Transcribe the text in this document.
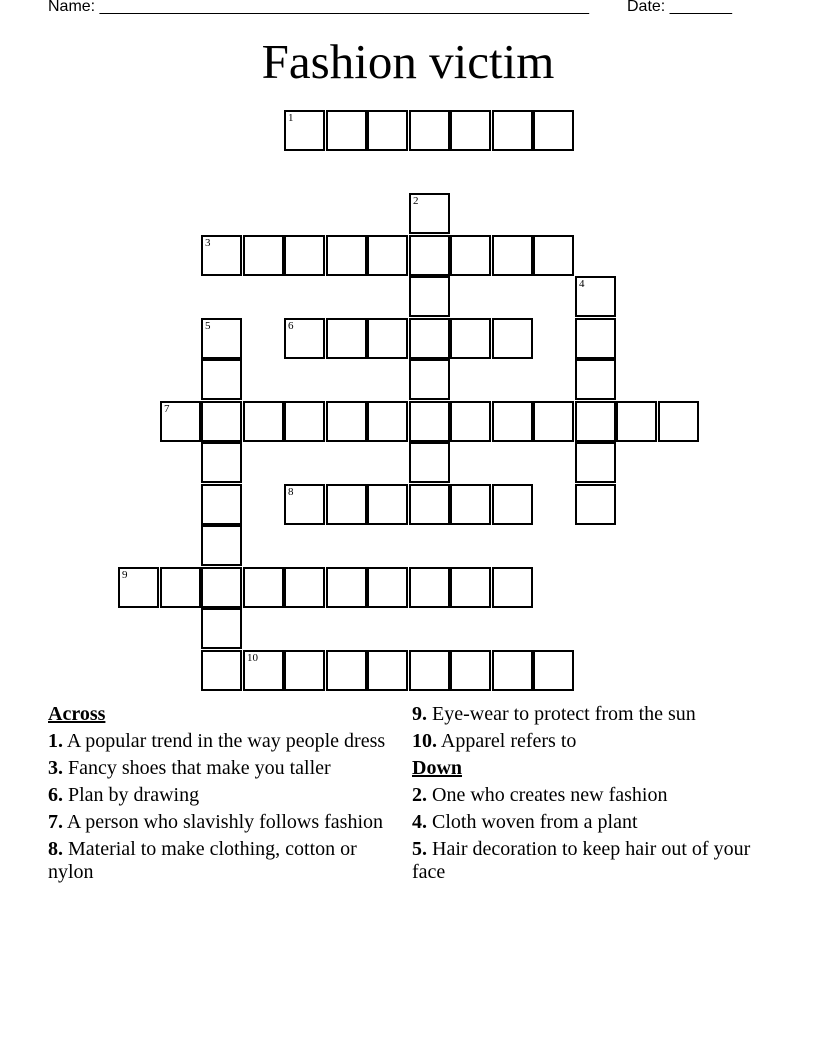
Name: _______________________________________________________ Date: _______
Fashion victim
1
2
3
4
5	6
7
8
9
10
Across
1. A popular trend in the way people dress
3. Fancy shoes that make you taller
6. Plan by drawing
7. A person who slavishly follows fashion
8. Material to make clothing, cotton or nylon
9. Eye-wear to protect from the sun
10. Apparel refers to
Down
2. One who creates new fashion
4. Cloth woven from a plant
5. Hair decoration to keep hair out of your face
